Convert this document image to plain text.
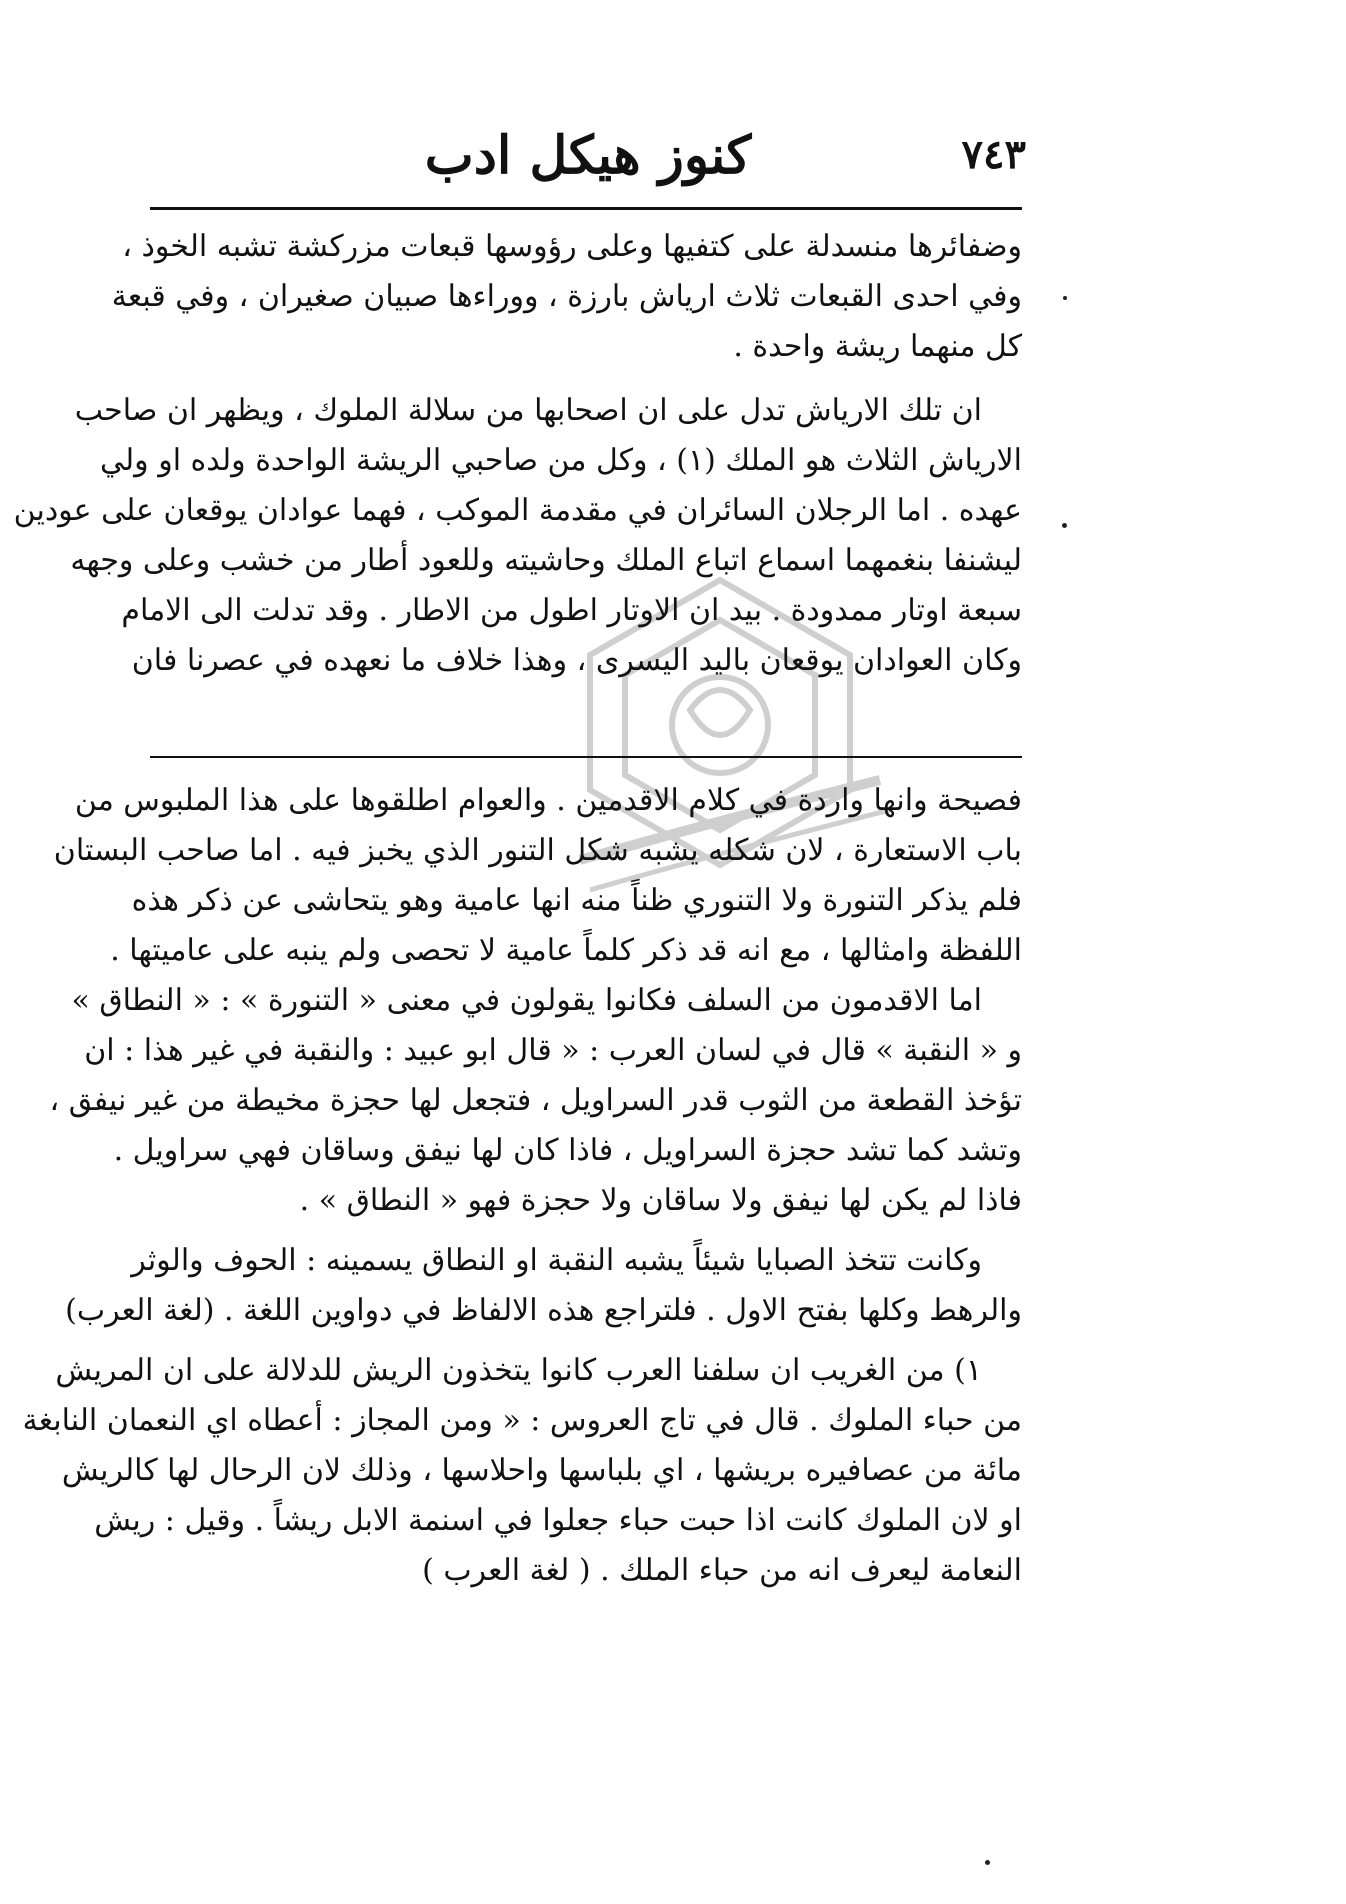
٧٤٣
كنوز هيكل ادب
وضفائرها منسدلة على كتفيها وعلى رؤوسها قبعات مزركشة تشبه الخوذ ،
وفي احدى القبعات ثلاث ارياش بارزة ، ووراءها صبيان صغيران ، وفي قبعة
كل منهما ريشة واحدة .
ان تلك الارياش تدل على ان اصحابها من سلالة الملوك ، ويظهر ان صاحب
الارياش الثلاث هو الملك (١) ، وكل من صاحبي الريشة الواحدة ولده او ولي
عهده . اما الرجلان السائران في مقدمة الموكب ، فهما عوادان يوقعان على عودين
ليشنفا بنغمهما اسماع اتباع الملك وحاشيته وللعود أطار من خشب وعلى وجهه
سبعة اوتار ممدودة . بيد ان الاوتار اطول من الاطار . وقد تدلت الى الامام
وكان العوادان يوقعان باليد اليسرى ، وهذا خلاف ما نعهده في عصرنا فان
فصيحة وانها واردة في كلام الاقدمين . والعوام اطلقوها على هذا الملبوس من
باب الاستعارة ، لان شكله يشبه شكل التنور الذي يخبز فيه . اما صاحب البستان
فلم يذكر التنورة ولا التنوري ظناً منه انها عامية وهو يتحاشى عن ذكر هذه
اللفظة وامثالها ، مع انه قد ذكر كلماً عامية لا تحصى ولم ينبه على عاميتها .
اما الاقدمون من السلف فكانوا يقولون في معنى « التنورة » : « النطاق »
و « النقبة » قال في لسان العرب : « قال ابو عبيد : والنقبة في غير هذا : ان
تؤخذ القطعة من الثوب قدر السراويل ، فتجعل لها حجزة مخيطة من غير نيفق ،
وتشد كما تشد حجزة السراويل ، فاذا كان لها نيفق وساقان فهي سراويل .
فاذا لم يكن لها نيفق ولا ساقان ولا حجزة فهو « النطاق » .
وكانت تتخذ الصبايا شيئاً يشبه النقبة او النطاق يسمينه : الحوف والوثر
والرهط وكلها بفتح الاول . فلتراجع هذه الالفاظ في دواوين اللغة . (لغة العرب)
١) من الغريب ان سلفنا العرب كانوا يتخذون الريش للدلالة على ان المريش
من حباء الملوك . قال في تاج العروس : « ومن المجاز : أعطاه اي النعمان النابغة
مائة من عصافيره بريشها ، اي بلباسها واحلاسها ، وذلك لان الرحال لها كالريش
او لان الملوك كانت اذا حبت حباء جعلوا في اسنمة الابل ريشاً . وقيل : ريش
النعامة ليعرف انه من حباء الملك . ( لغة العرب )
